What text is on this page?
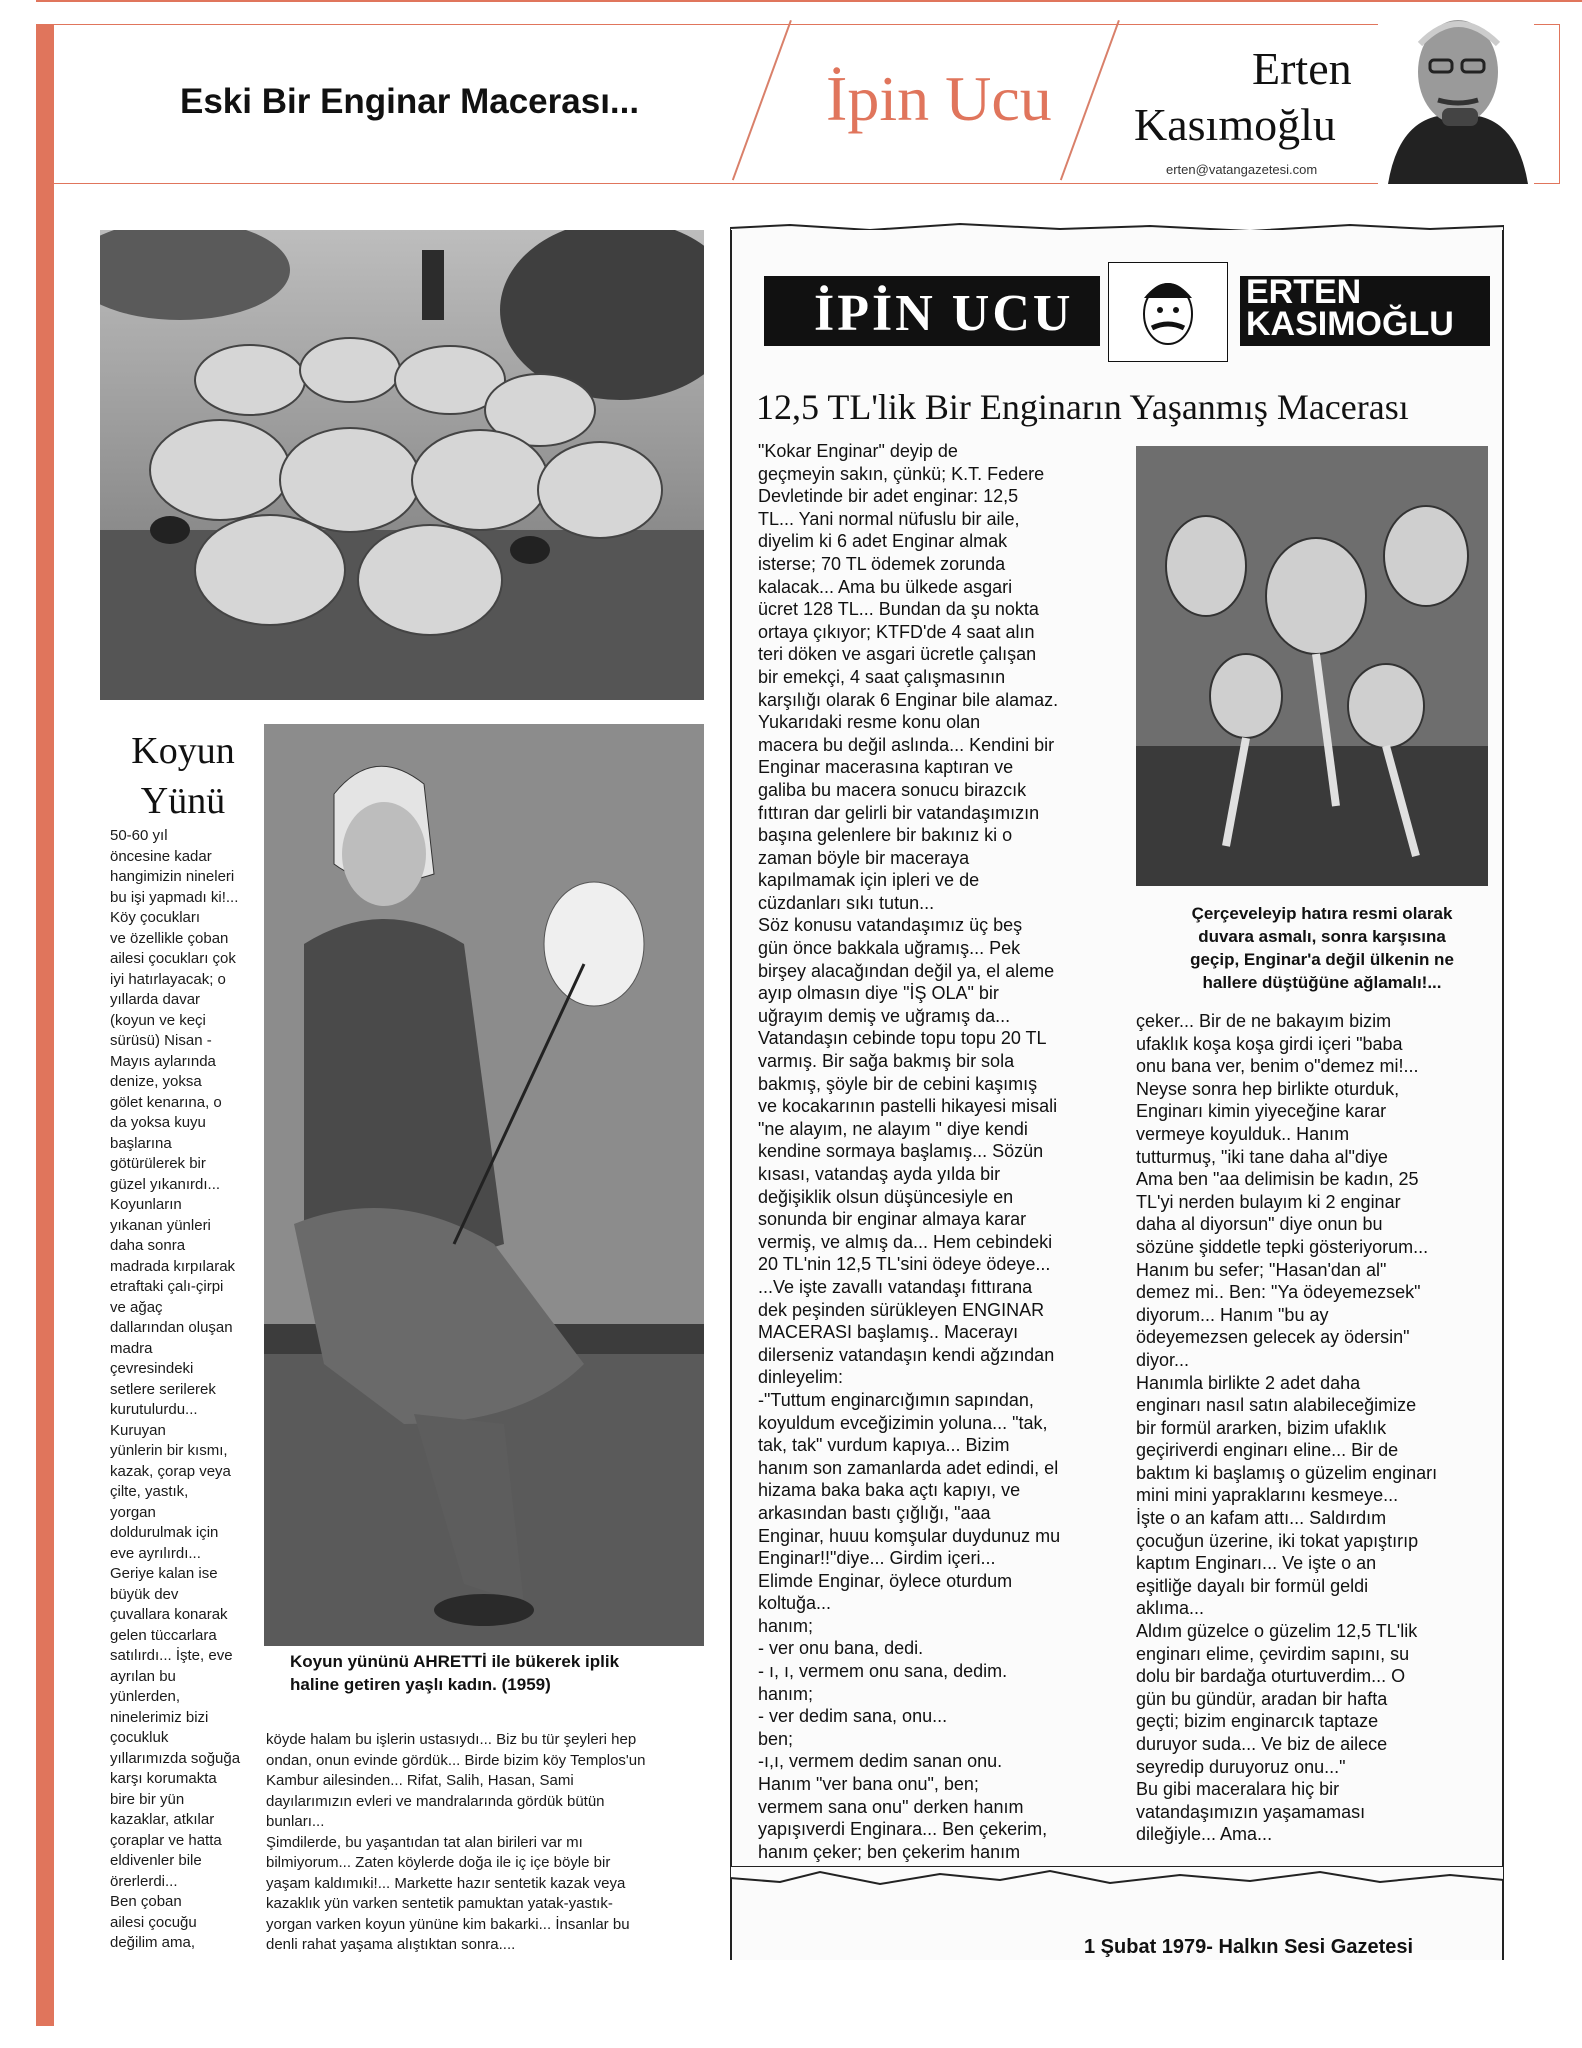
Eski Bir Enginar Macerası...	İpin Ucu	Erten
Kasımoğlu
erten@vatangazetesi.com
Koyun
Yünü
50-60 yıl
öncesine kadar
hangimizin nineleri
bu işi yapmadı ki!...
Köy çocukları
ve özellikle çoban
ailesi çocukları çok
iyi hatırlayacak; o
yıllarda davar
(koyun ve keçi
sürüsü) Nisan -
Mayıs aylarında
denize, yoksa
gölet kenarına, o
da yoksa kuyu
başlarına
götürülerek bir
güzel yıkanırdı...
Koyunların
yıkanan yünleri
daha sonra
madrada kırpılarak
etraftaki çalı-çirpi
ve ağaç
dallarından oluşan
madra
çevresindeki
setlere serilerek
kurutulurdu...
Kuruyan
yünlerin bir kısmı,
kazak, çorap veya
çilte, yastık,
yorgan
doldurulmak için
eve ayrılırdı...
Geriye kalan ise
büyük dev
çuvallara konarak
gelen tüccarlara
satılırdı... İşte, eve
ayrılan bu
yünlerden,
ninelerimiz bizi
çocukluk
yıllarımızda soğuğa
karşı korumakta
bire bir yün
kazaklar, atkılar
çoraplar ve hatta
eldivenler bile
örerlerdi...
Ben çoban
ailesi çocuğu
değilim ama,
Koyun yününü AHRETTİ ile bükerek iplik
haline getiren yaşlı kadın. (1959)
köyde halam bu işlerin ustasıydı... Biz bu tür şeyleri hep
ondan, onun evinde gördük... Birde bizim köy Templos'un
Kambur ailesinden... Rifat, Salih, Hasan, Sami
dayılarımızın evleri ve mandralarında gördük bütün
bunları...
Şimdilerde, bu yaşantıdan tat alan birileri var mı
bilmiyorum... Zaten köylerde doğa ile iç içe böyle bir
yaşam kaldımıki!... Markette hazır sentetik kazak veya
kazaklık yün varken sentetik pamuktan yatak-yastık-
yorgan varken koyun yününe kim bakarki... İnsanlar bu
denli rahat yaşama alıştıktan sonra....
İPİN UCU	ERTEN
KASIMOĞLU
12,5 TL'lik Bir Enginarın Yaşanmış Macerası
"Kokar Enginar" deyip de
geçmeyin sakın, çünkü; K.T. Federe
Devletinde bir adet enginar: 12,5
TL... Yani normal nüfuslu bir aile,
diyelim ki 6 adet Enginar almak
isterse; 70 TL ödemek zorunda
kalacak... Ama bu ülkede asgari
ücret 128 TL... Bundan da şu nokta
ortaya çıkıyor; KTFD'de 4 saat alın
teri döken ve asgari ücretle çalışan
bir emekçi, 4 saat çalışmasının
karşılığı olarak 6 Enginar bile alamaz.
Yukarıdaki resme konu olan
macera bu değil aslında... Kendini bir
Enginar macerasına kaptıran ve
galiba bu macera sonucu birazcık
fıttıran dar gelirli bir vatandaşımızın
başına gelenlere bir bakınız ki o
zaman böyle bir maceraya
kapılmamak için ipleri ve de
cüzdanları sıkı tutun...
Söz konusu vatandaşımız üç beş
gün önce bakkala uğramış... Pek
birşey alacağından değil ya, el aleme
ayıp olmasın diye "İŞ OLA" bir
uğrayım demiş ve uğramış da...
Vatandaşın cebinde topu topu 20 TL
varmış. Bir sağa bakmış bir sola
bakmış, şöyle bir de cebini kaşımış
ve kocakarının pastelli hikayesi misali
"ne alayım, ne alayım " diye kendi
kendine sormaya başlamış... Sözün
kısası, vatandaş ayda yılda bir
değişiklik olsun düşüncesiyle en
sonunda bir enginar almaya karar
vermiş, ve almış da... Hem cebindeki
20 TL'nin 12,5 TL'sini ödeye ödeye...
...Ve işte zavallı vatandaşı fıttırana
dek peşinden sürükleyen ENGINAR
MACERASI başlamış.. Macerayı
dilerseniz vatandaşın kendi ağzından
dinleyelim:
-"Tuttum enginarcığımın sapından,
koyuldum evceğizimin yoluna... "tak,
tak, tak" vurdum kapıya... Bizim
hanım son zamanlarda adet edindi, el
hizama baka baka açtı kapıyı, ve
arkasından bastı çığlığı, "aaa
Enginar, huuu komşular duydunuz mu
Enginar!!"diye... Girdim içeri...
Elimde Enginar, öylece oturdum
koltuğa...
hanım;
- ver onu bana, dedi.
- ı, ı, vermem onu sana, dedim.
hanım;
- ver dedim sana, onu...
ben;
-ı,ı, vermem dedim sanan onu.
Hanım "ver bana onu", ben;
vermem sana onu" derken hanım
yapışıverdi Enginara... Ben çekerim,
hanım çeker; ben çekerim hanım
Çerçeveleyip hatıra resmi olarak
duvara asmalı, sonra karşısına
geçip, Enginar'a değil ülkenin ne
hallere düştüğüne ağlamalı!...
çeker... Bir de ne bakayım bizim
ufaklık koşa koşa girdi içeri "baba
onu bana ver, benim o"demez mi!...
Neyse sonra hep birlikte oturduk,
Enginarı kimin yiyeceğine karar
vermeye koyulduk.. Hanım
tutturmuş, "iki tane daha al"diye
Ama ben "aa delimisin be kadın, 25
TL'yi nerden bulayım ki 2 enginar
daha al diyorsun" diye onun bu
sözüne şiddetle tepki gösteriyorum...
Hanım bu sefer; "Hasan'dan al"
demez mi.. Ben: "Ya ödeyemezsek"
diyorum... Hanım "bu ay
ödeyemezsen gelecek ay ödersin"
diyor...
Hanımla birlikte 2 adet daha
enginarı nasıl satın alabileceğimize
bir formül ararken, bizim ufaklık
geçiriverdi enginarı eline... Bir de
baktım ki başlamış o güzelim enginarı
mini mini yapraklarını kesmeye...
İşte o an kafam attı... Saldırdım
çocuğun üzerine, iki tokat yapıştırıp
kaptım Enginarı... Ve işte o an
eşitliğe dayalı bir formül geldi
aklıma...
Aldım güzelce o güzelim 12,5 TL'lik
enginarı elime, çevirdim sapını, su
dolu bir bardağa oturtuverdim... O
gün bu gündür, aradan bir hafta
geçti; bizim enginarcık taptaze
duruyor suda... Ve biz de ailece
seyredip duruyoruz onu..."
Bu gibi maceralara hiç bir
vatandaşımızın yaşamaması
dileğiyle... Ama...
1 Şubat 1979- Halkın Sesi Gazetesi
